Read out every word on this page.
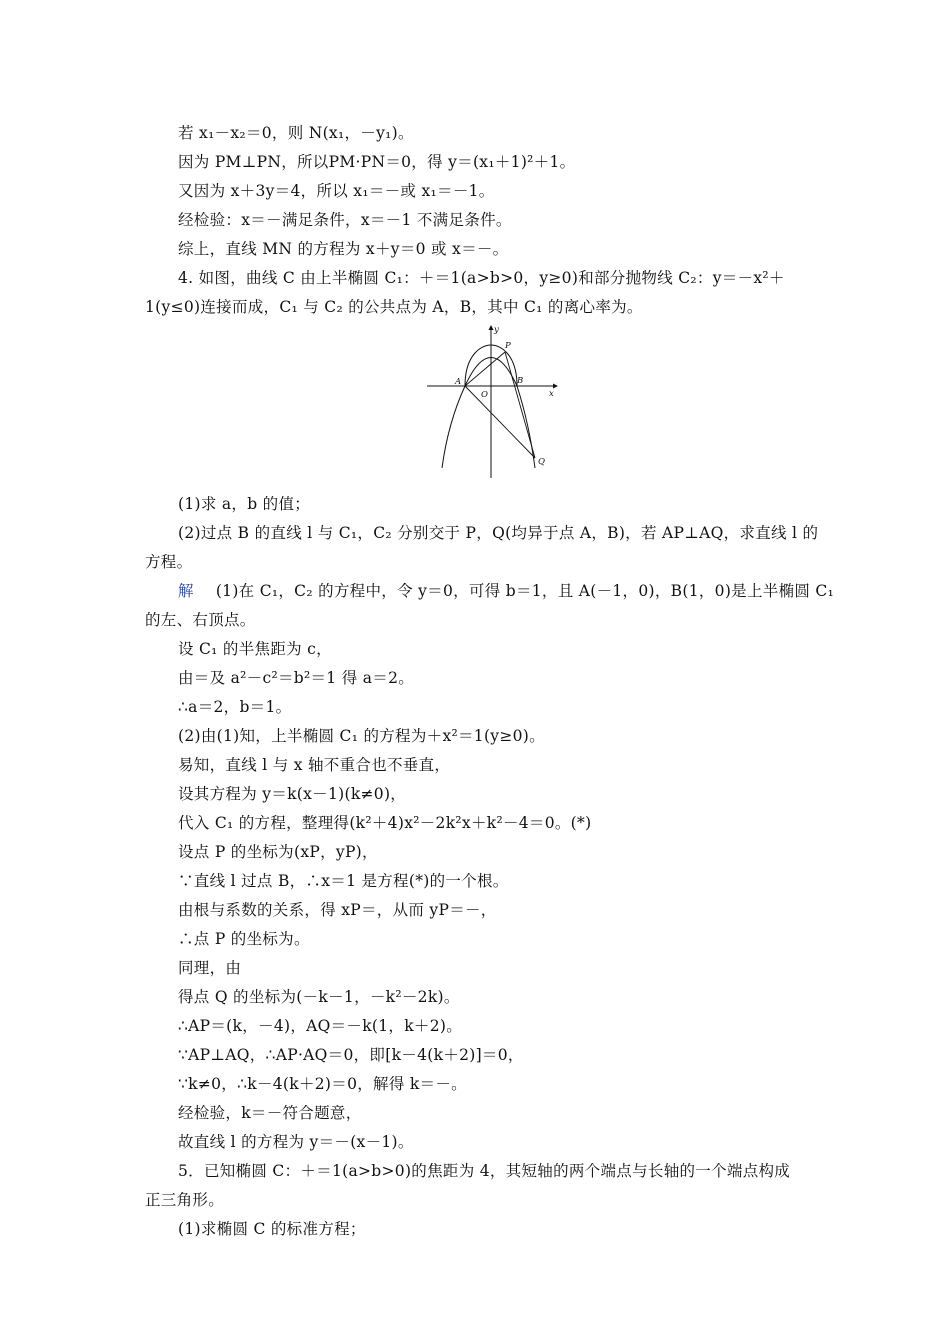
若 x₁－x₂＝0，则 N(x₁，－y₁)。
因为 PM⊥PN，所以PM·PN＝0，得 y＝(x₁＋1)²＋1。
又因为 x＋3y＝4，所以 x₁＝－或 x₁＝－1。
经检验：x＝－满足条件，x＝－1 不满足条件。
综上，直线 MN 的方程为 x＋y＝0 或 x＝－。
4. 如图，曲线 C 由上半椭圆 C₁：＋＝1(a>b>0，y≥0)和部分抛物线 C₂：y＝－x²＋
1(y≤0)连接而成，C₁ 与 C₂ 的公共点为 A，B，其中 C₁ 的离心率为。
y
x
O
A	B
P
Q
(1)求 a，b 的值；
(2)过点 B 的直线 l 与 C₁，C₂ 分别交于 P，Q(均异于点 A，B)，若 AP⊥AQ，求直线 l 的
方程。
解 (1)在 C₁，C₂ 的方程中，令 y＝0，可得 b＝1，且 A(－1，0)，B(1，0)是上半椭圆 C₁
的左、右顶点。
设 C₁ 的半焦距为 c，
由＝及 a²－c²＝b²＝1 得 a＝2。
∴a＝2，b＝1。
(2)由(1)知，上半椭圆 C₁ 的方程为＋x²＝1(y≥0)。
易知，直线 l 与 x 轴不重合也不垂直，
设其方程为 y＝k(x－1)(k≠0)，
代入 C₁ 的方程，整理得(k²＋4)x²－2k²x＋k²－4＝0。(*)
设点 P 的坐标为(xP，yP)，
∵直线 l 过点 B，∴x＝1 是方程(*)的一个根。
由根与系数的关系，得 xP＝，从而 yP＝－，
∴点 P 的坐标为。
同理，由
得点 Q 的坐标为(－k－1，－k²－2k)。
∴AP＝(k，－4)，AQ＝－k(1，k＋2)。
∵AP⊥AQ，∴AP·AQ＝0，即[k－4(k＋2)]＝0，
∵k≠0，∴k－4(k＋2)＝0，解得 k＝－。
经检验，k＝－符合题意，
故直线 l 的方程为 y＝－(x－1)。
5．已知椭圆 C：＋＝1(a>b>0)的焦距为 4，其短轴的两个端点与长轴的一个端点构成
正三角形。
(1)求椭圆 C 的标准方程；
